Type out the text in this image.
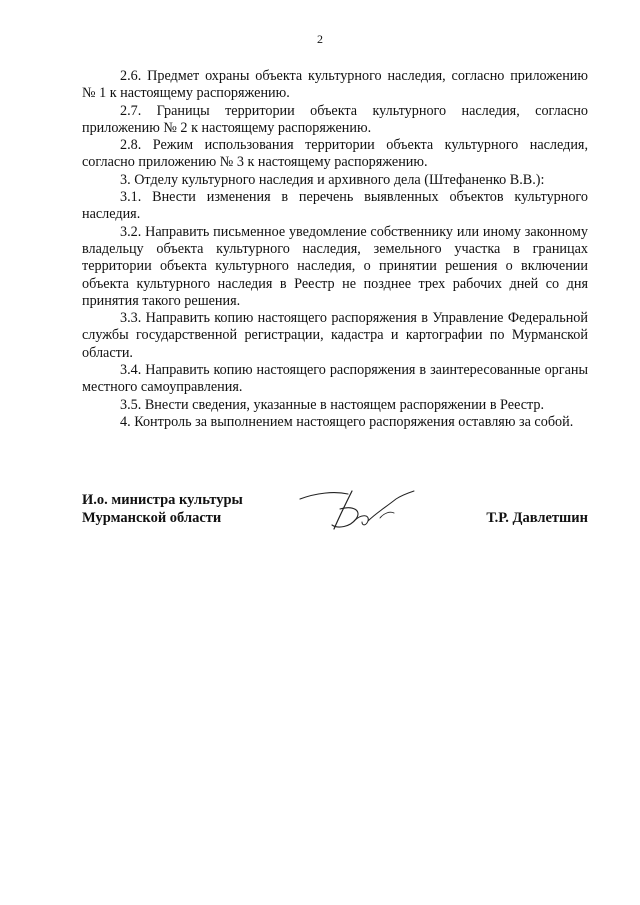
2

2.6. Предмет охраны объекта культурного наследия, согласно приложению № 1 к настоящему распоряжению.

2.7. Границы территории объекта культурного наследия, согласно приложению № 2 к настоящему распоряжению.

2.8. Режим использования территории объекта культурного наследия, согласно приложению № 3 к настоящему распоряжению.

3. Отделу культурного наследия и архивного дела (Штефаненко В.В.):

3.1. Внести изменения в перечень выявленных объектов культурного наследия.

3.2. Направить письменное уведомление собственнику или иному законному владельцу объекта культурного наследия, земельного участка в границах территории объекта культурного наследия, о принятии решения о включении объекта культурного наследия в Реестр не позднее трех рабочих дней со дня принятия такого решения.

3.3. Направить копию настоящего распоряжения в Управление Федеральной службы государственной регистрации, кадастра и картографии по Мурманской области.

3.4. Направить копию настоящего распоряжения в заинтересованные органы местного самоуправления.

3.5. Внести сведения, указанные в настоящем распоряжении в Реестр.

4. Контроль за выполнением настоящего распоряжения оставляю за собой.

И.о. министра культуры
Мурманской области	Т.Р. Давлетшин
